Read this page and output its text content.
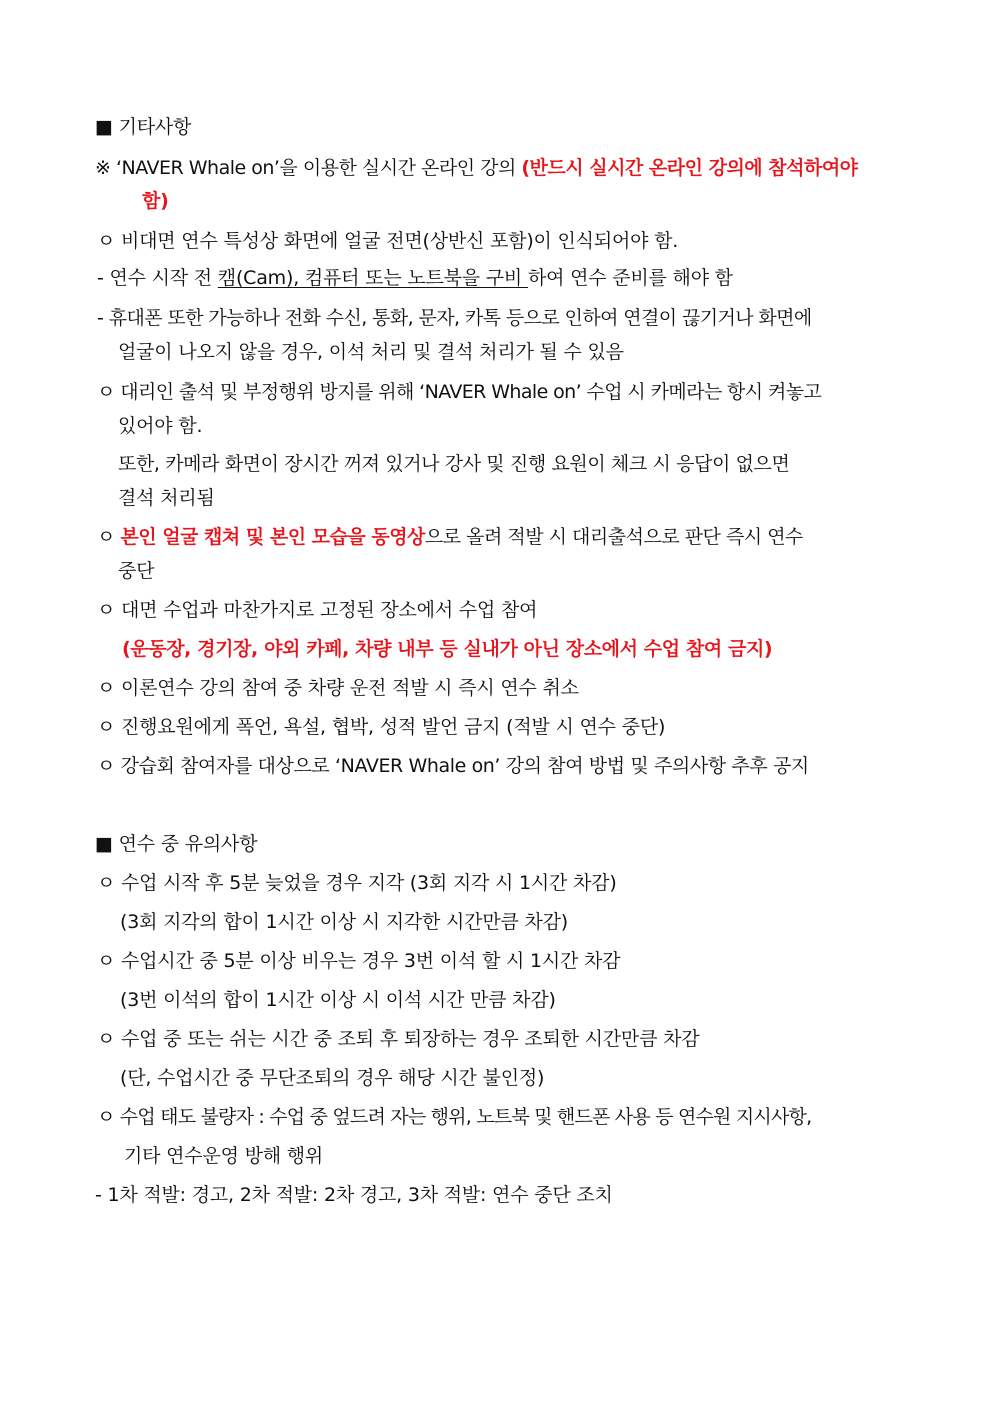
■ 기타사항
※ ‘NAVER Whale on’을 이용한 실시간 온라인 강의 (반드시 실시간 온라인 강의에 참석하여야
함)
ㅇ 비대면 연수 특성상 화면에 얼굴 전면(상반신 포함)이 인식되어야 함.
- 연수 시작 전 캠(Cam), 컴퓨터 또는 노트북을 구비 하여 연수 준비를 해야 함
- 휴대폰 또한 가능하나 전화 수신, 통화, 문자, 카톡 등으로 인하여 연결이 끊기거나 화면에
얼굴이 나오지 않을 경우, 이석 처리 및 결석 처리가 될 수 있음
ㅇ 대리인 출석 및 부정행위 방지를 위해 ‘NAVER Whale on’ 수업 시 카메라는 항시 켜놓고
있어야 함.
또한, 카메라 화면이 장시간 꺼져 있거나 강사 및 진행 요원이 체크 시 응답이 없으면
결석 처리됨
ㅇ 본인 얼굴 캡쳐 및 본인 모습을 동영상으로 올려 적발 시 대리출석으로 판단 즉시 연수
중단
ㅇ 대면 수업과 마찬가지로 고정된 장소에서 수업 참여
(운동장, 경기장, 야외 카페, 차량 내부 등 실내가 아닌 장소에서 수업 참여 금지)
ㅇ 이론연수 강의 참여 중 차량 운전 적발 시 즉시 연수 취소
ㅇ 진행요원에게 폭언, 욕설, 협박, 성적 발언 금지 (적발 시 연수 중단)
ㅇ 강습회 참여자를 대상으로 ‘NAVER Whale on’ 강의 참여 방법 및 주의사항 추후 공지
■ 연수 중 유의사항
ㅇ 수업 시작 후 5분 늦었을 경우 지각 (3회 지각 시 1시간 차감)
(3회 지각의 합이 1시간 이상 시 지각한 시간만큼 차감)
ㅇ 수업시간 중 5분 이상 비우는 경우 3번 이석 할 시 1시간 차감
(3번 이석의 합이 1시간 이상 시 이석 시간 만큼 차감)
ㅇ 수업 중 또는 쉬는 시간 중 조퇴 후 퇴장하는 경우 조퇴한 시간만큼 차감
(단, 수업시간 중 무단조퇴의 경우 해당 시간 불인정)
ㅇ 수업 태도 불량자 : 수업 중 엎드려 자는 행위, 노트북 및 핸드폰 사용 등 연수원 지시사항,
기타 연수운영 방해 행위
- 1차 적발: 경고, 2차 적발: 2차 경고, 3차 적발: 연수 중단 조치
